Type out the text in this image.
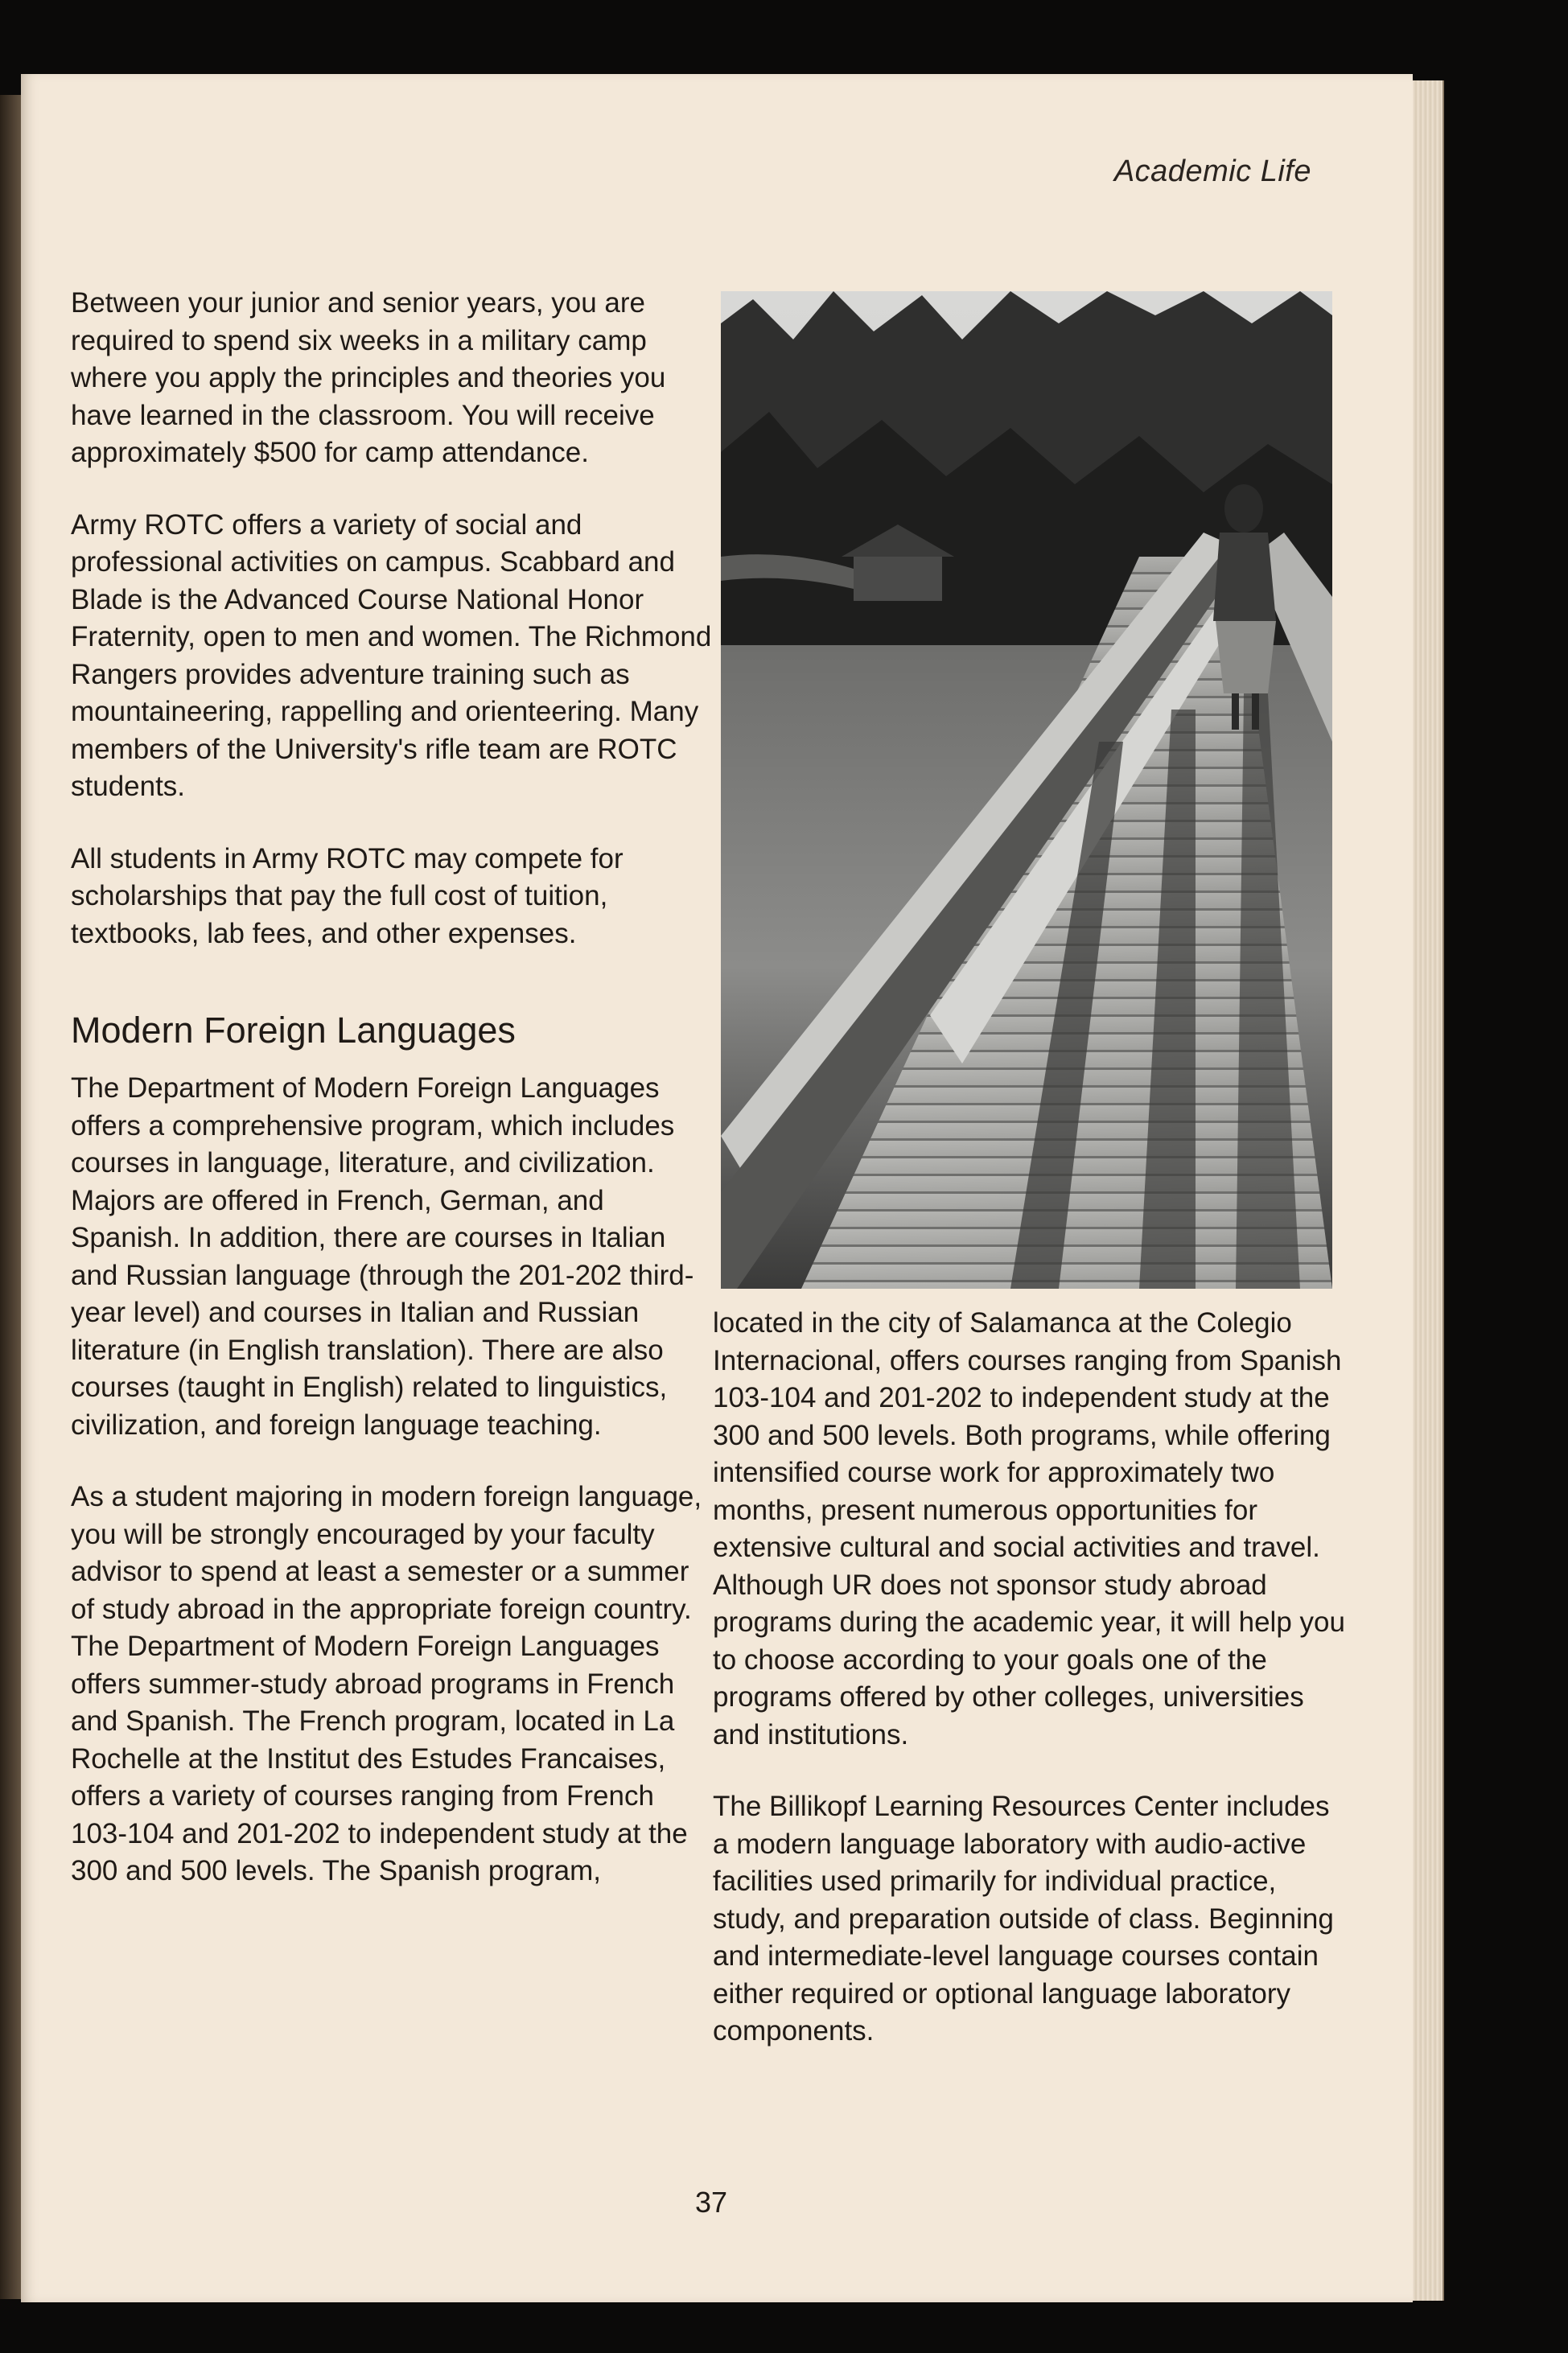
Academic Life

Between your junior and senior years, you are required to spend six weeks in a military camp where you apply the principles and theories you have learned in the classroom. You will receive approximately $500 for camp attendance.

Army ROTC offers a variety of social and professional activities on campus. Scabbard and Blade is the Advanced Course National Honor Fraternity, open to men and women. The Richmond Rangers provides adventure training such as mountaineering, rappelling and orienteering. Many members of the University's rifle team are ROTC students.

All students in Army ROTC may compete for scholarships that pay the full cost of tuition, textbooks, lab fees, and other expenses.

Modern Foreign Languages

The Department of Modern Foreign Languages offers a comprehensive program, which includes courses in language, literature, and civilization. Majors are offered in French, German, and Spanish. In addition, there are courses in Italian and Russian language (through the 201-202 third-year level) and courses in Italian and Russian literature (in English translation). There are also courses (taught in English) related to linguistics, civilization, and foreign language teaching.

As a student majoring in modern foreign language, you will be strongly encouraged by your faculty advisor to spend at least a semester or a summer of study abroad in the appropriate foreign country. The Department of Modern Foreign Languages offers summer-study abroad programs in French and Spanish. The French program, located in La Rochelle at the Institut des Estudes Francaises, offers a variety of courses ranging from French 103-104 and 201-202 to independent study at the 300 and 500 levels. The Spanish program,

located in the city of Salamanca at the Colegio Internacional, offers courses ranging from Spanish 103-104 and 201-202 to independent study at the 300 and 500 levels. Both programs, while offering intensified course work for approximately two months, present numerous opportunities for extensive cultural and social activities and travel. Although UR does not sponsor study abroad programs during the academic year, it will help you to choose according to your goals one of the programs offered by other colleges, universities and institutions.

The Billikopf Learning Resources Center includes a modern language laboratory with audio-active facilities used primarily for individual practice, study, and preparation outside of class. Beginning and intermediate-level language courses contain either required or optional language laboratory components.

37
